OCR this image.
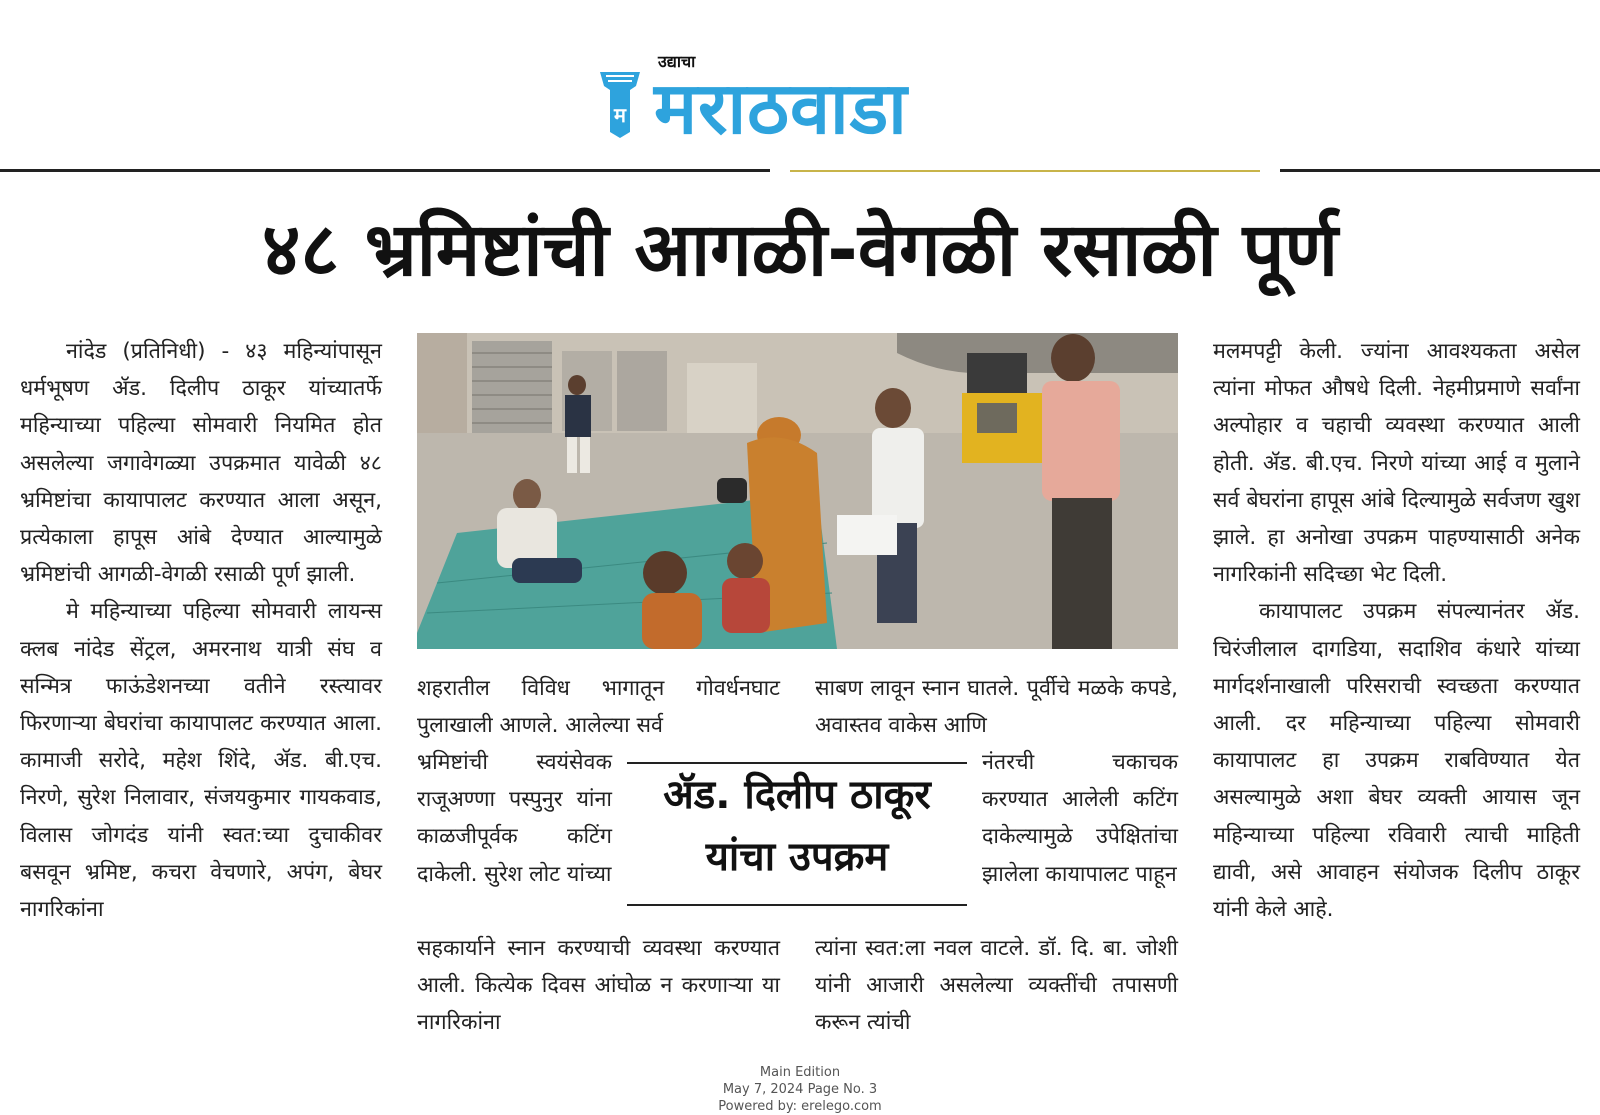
म
उद्याचा
मराठवाडा
४८ भ्रमिष्टांची आगळी-वेगळी रसाळी पूर्ण

नांदेड (प्रतिनिधी) - ४३ महिन्यांपासून धर्मभूषण ॲड. दिलीप ठाकूर यांच्यातर्फे महिन्याच्या पहिल्या सोमवारी नियमित होत असलेल्या जगावेगळ्या उपक्रमात यावेळी ४८ भ्रमिष्टांचा कायापालट करण्यात आला असून, प्रत्येकाला हापूस आंबे देण्यात आल्यामुळे भ्रमिष्टांची आगळी-वेगळी रसाळी पूर्ण झाली.

मे महिन्याच्या पहिल्या सोमवारी लायन्स क्लब नांदेड सेंट्रल, अमरनाथ यात्री संघ व सन्मित्र फाऊंडेशनच्या वतीने रस्त्यावर फिरणाऱ्या बेघरांचा कायापालट करण्यात आला. कामाजी सरोदे, महेश शिंदे, ॲड. बी.एच. निरणे, सुरेश निलावार, संजयकुमार गायकवाड, विलास जोगदंड यांनी स्वत:च्या दुचाकीवर बसवून भ्रमिष्ट, कचरा वेचणारे, अपंग, बेघर नागरिकांना

शहरातील विविध भागातून गोवर्धनघाट पुलाखाली आणले. आलेल्या सर्व

भ्रमिष्टांची स्वयंसेवक राजूअण्णा पस्पुनुर यांना काळजीपूर्वक कटिंग दाकेली. सुरेश लोट यांच्या

सहकार्याने स्नान करण्याची व्यवस्था करण्यात आली. कित्येक दिवस आंघोळ न करणाऱ्या या नागरिकांना

साबण लावून स्नान घातले. पूर्वीचे मळके कपडे, अवास्तव वाकेस आणि

नंतरची चकाचक करण्यात आलेली कटिंग दाकेल्यामुळे उपेक्षितांचा झालेला कायापालट पाहून

त्यांना स्वत:ला नवल वाटले. डॉ. दि. बा. जोशी यांनी आजारी असलेल्या व्यक्तींची तपासणी करून त्यांची

ॲड. दिलीप ठाकूर
यांचा उपक्रम

मलमपट्टी केली. ज्यांना आवश्यकता असेल त्यांना मोफत औषधे दिली. नेहमीप्रमाणे सर्वांना अल्पोहार व चहाची व्यवस्था करण्यात आली होती. ॲड. बी.एच. निरणे यांच्या आई व मुलाने सर्व बेघरांना हापूस आंबे दिल्यामुळे सर्वजण खुश झाले. हा अनोखा उपक्रम पाहण्यासाठी अनेक नागरिकांनी सदिच्छा भेट दिली.

कायापालट उपक्रम संपल्यानंतर ॲड. चिरंजीलाल दागडिया, सदाशिव कंधारे यांच्या मार्गदर्शनाखाली परिसराची स्वच्छता करण्यात आली. दर महिन्याच्या पहिल्या सोमवारी कायापालट हा उपक्रम राबविण्यात येत असल्यामुळे अशा बेघर व्यक्ती आयास जून महिन्याच्या पहिल्या रविवारी त्याची माहिती द्यावी, असे आवाहन संयोजक दिलीप ठाकूर यांनी केले आहे.

Main Edition
May 7, 2024 Page No. 3
Powered by: erelego.com
